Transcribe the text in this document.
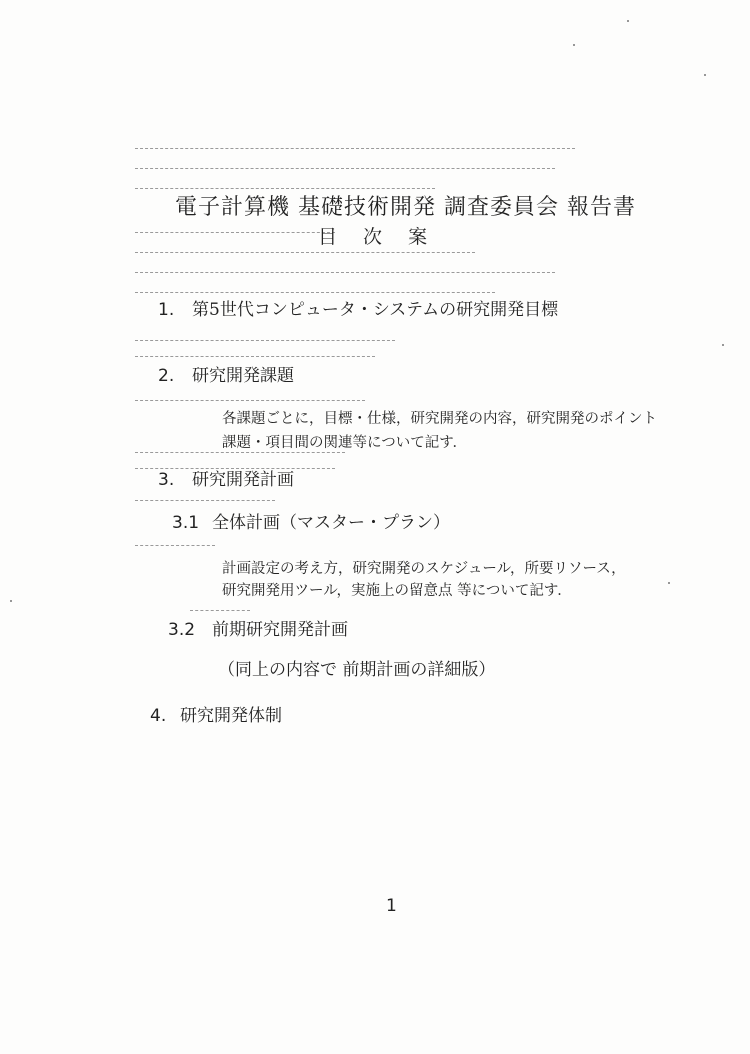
電子計算機 基礎技術開発 調査委員会 報告書
目 次 案
1. 第5世代コンピュータ・システムの研究開発目標
2. 研究開発課題
各課題ごとに，目標・仕様，研究開発の内容，研究開発のポイント
課題・項目間の関連等について記す．
3. 研究開発計画
3.1 全体計画（マスター・プラン）
計画設定の考え方，研究開発のスケジュール，所要リソース，
研究開発用ツール，実施上の留意点 等について記す．
3.2 前期研究開発計画
（同上の内容で 前期計画の詳細版）
4. 研究開発体制
1
